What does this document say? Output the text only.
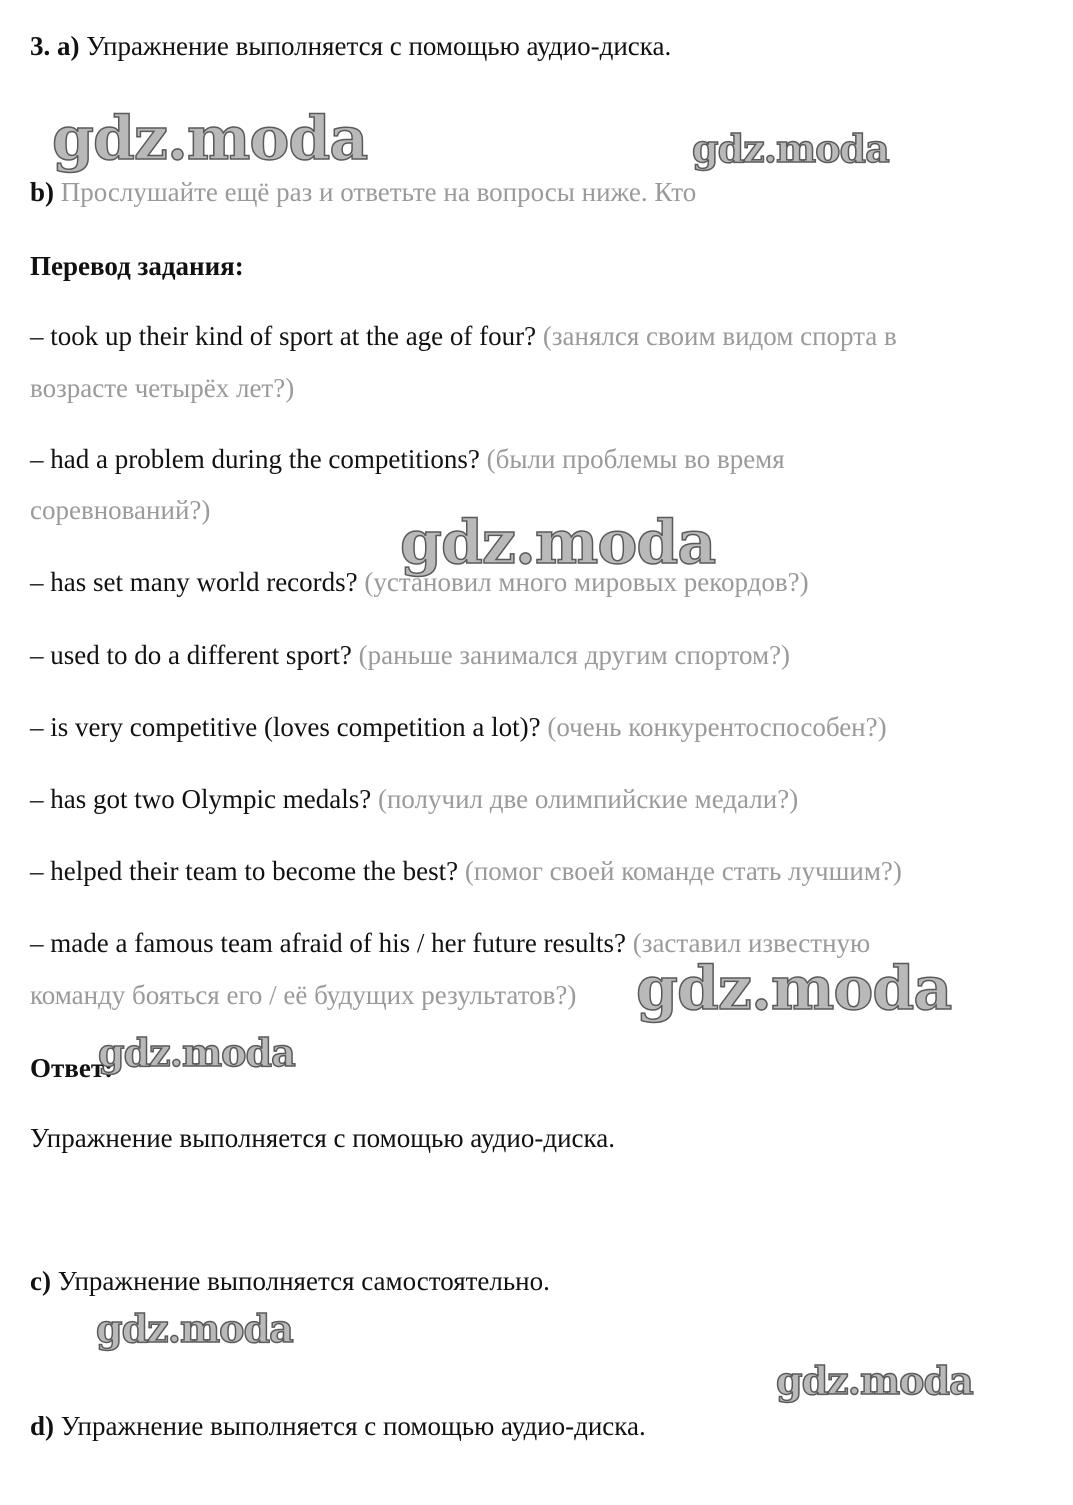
3. a) Упражнение выполняется с помощью аудио-диска.
b) Прослушайте ещё раз и ответьте на вопросы ниже. Кто
Перевод задания:
– took up their kind of sport at the age of four? (занялся своим видом спорта в
возрасте четырёх лет?)
– had a problem during the competitions? (были проблемы во время
соревнований?)
– has set many world records? (установил много мировых рекордов?)
– used to do a different sport? (раньше занимался другим спортом?)
– is very competitive (loves competition a lot)? (очень конкурентоспособен?)
– has got two Olympic medals? (получил две олимпийские медали?)
– helped their team to become the best? (помог своей команде стать лучшим?)
– made a famous team afraid of his / her future results? (заставил известную
команду бояться его / её будущих результатов?)
Ответ:
Упражнение выполняется с помощью аудио-диска.
c) Упражнение выполняется самостоятельно.
d) Упражнение выполняется с помощью аудио-диска.
gdz.moda	gdz.moda
gdz.moda
gdz.moda
gdz.moda
gdz.moda
gdz.moda
